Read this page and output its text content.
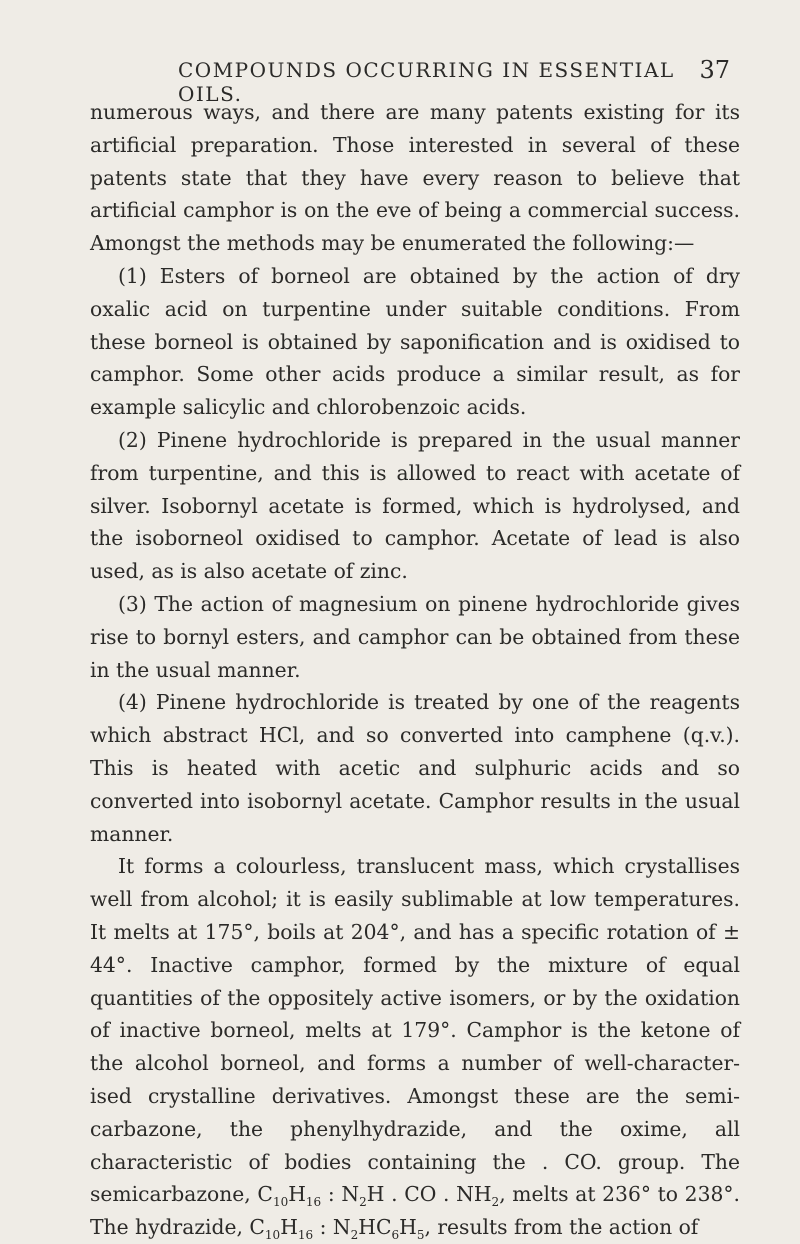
COMPOUNDS OCCURRING IN ESSENTIAL OILS.
37

numerous ways, and there are many patents existing for its artificial preparation. Those interested in several of these patents state that they have every reason to believe that artificial camphor is on the eve of being a commercial success. Amongst the methods may be enumerated the following:—

(1) Esters of borneol are obtained by the action of dry oxalic acid on turpentine under suitable conditions. From these borneol is obtained by saponification and is oxidised to camphor. Some other acids produce a similar result, as for example salicylic and chlorobenzoic acids.

(2) Pinene hydrochloride is prepared in the usual manner from turpentine, and this is allowed to react with acetate of silver. Isobornyl acetate is formed, which is hydrolysed, and the isoborneol oxidised to camphor. Acetate of lead is also used, as is also acetate of zinc.

(3) The action of magnesium on pinene hydrochloride gives rise to bornyl esters, and camphor can be obtained from these in the usual manner.

(4) Pinene hydrochloride is treated by one of the reagents which abstract HCl, and so converted into camphene (q.v.). This is heated with acetic and sulphuric acids and so converted into isobornyl acetate. Camphor results in the usual manner.

It forms a colourless, translucent mass, which crystallises well from alcohol; it is easily sublimable at low temperatures. It melts at 175°, boils at 204°, and has a specific rotation of ± 44°. Inactive camphor, formed by the mixture of equal quantities of the oppositely active isomers, or by the oxidation of inactive borneol, melts at 179°. Camphor is the ketone of the alcohol borneol, and forms a number of well-character-ised crystalline derivatives. Amongst these are the semi-carbazone, the phenylhydrazide, and the oxime, all characteristic of bodies containing the . CO. group. The semicarbazone, $C_{10}H_{16}$ : $N_2H$ . CO . $NH_2$, melts at 236° to 238°. The hydrazide, $C_{10}H_{16}$ : $N_2HC_6H_5$, results from the action of
